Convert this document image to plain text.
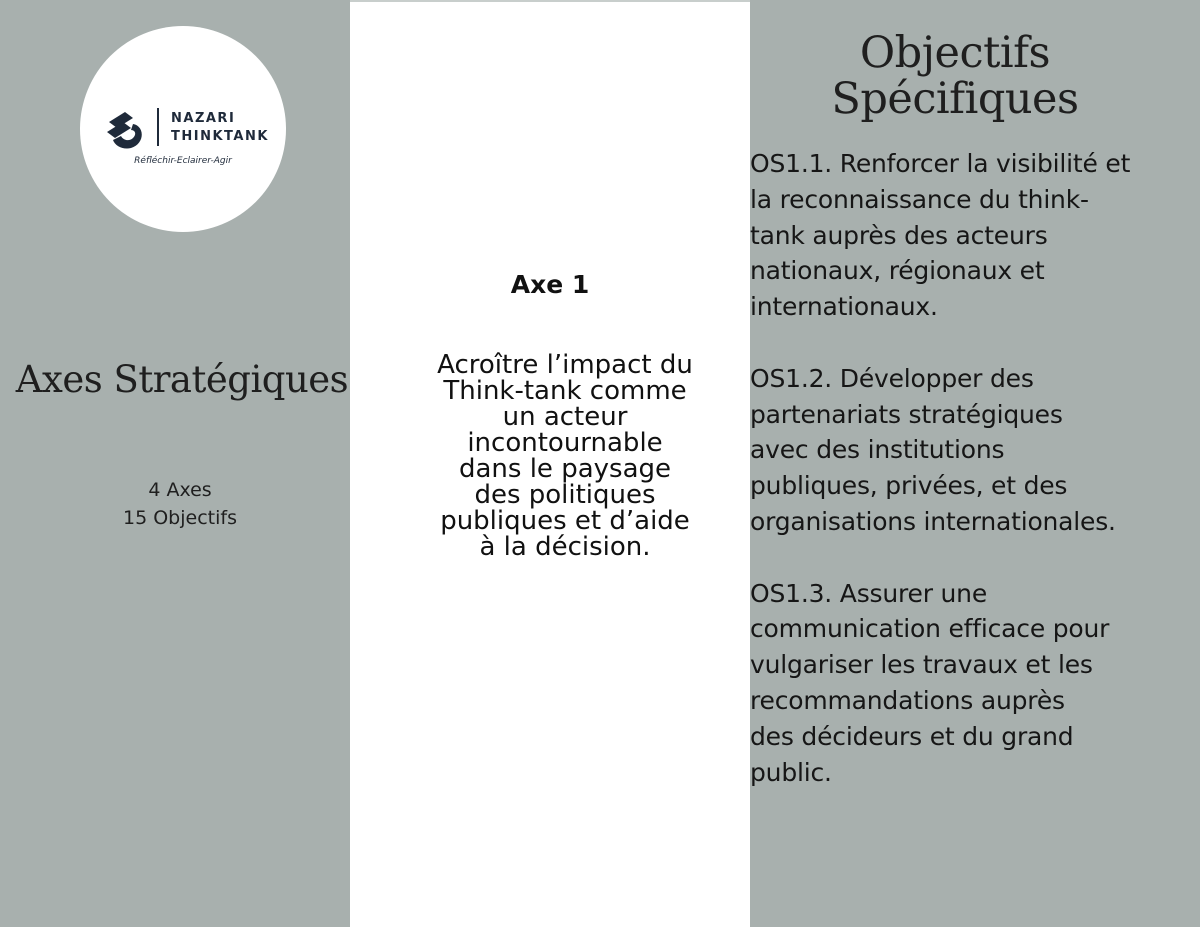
NAZARI
THINKTANK
Réfléchir-Eclairer-Agir
Axes Stratégiques
4 Axes
15 Objectifs
Axe 1
Acroître l’impact du
Think-tank comme
un acteur
incontournable
dans le paysage
des politiques
publiques et d’aide
à la décision.
Objectifs
Spécifiques

OS1.1. Renforcer la visibilité et
la reconnaissance du think-
tank auprès des acteurs
nationaux, régionaux et
internationaux.

OS1.2. Développer des
partenariats stratégiques
avec des institutions
publiques, privées, et des
organisations internationales.

OS1.3. Assurer une
communication efficace pour
vulgariser les travaux et les
recommandations auprès
des décideurs et du grand
public.
